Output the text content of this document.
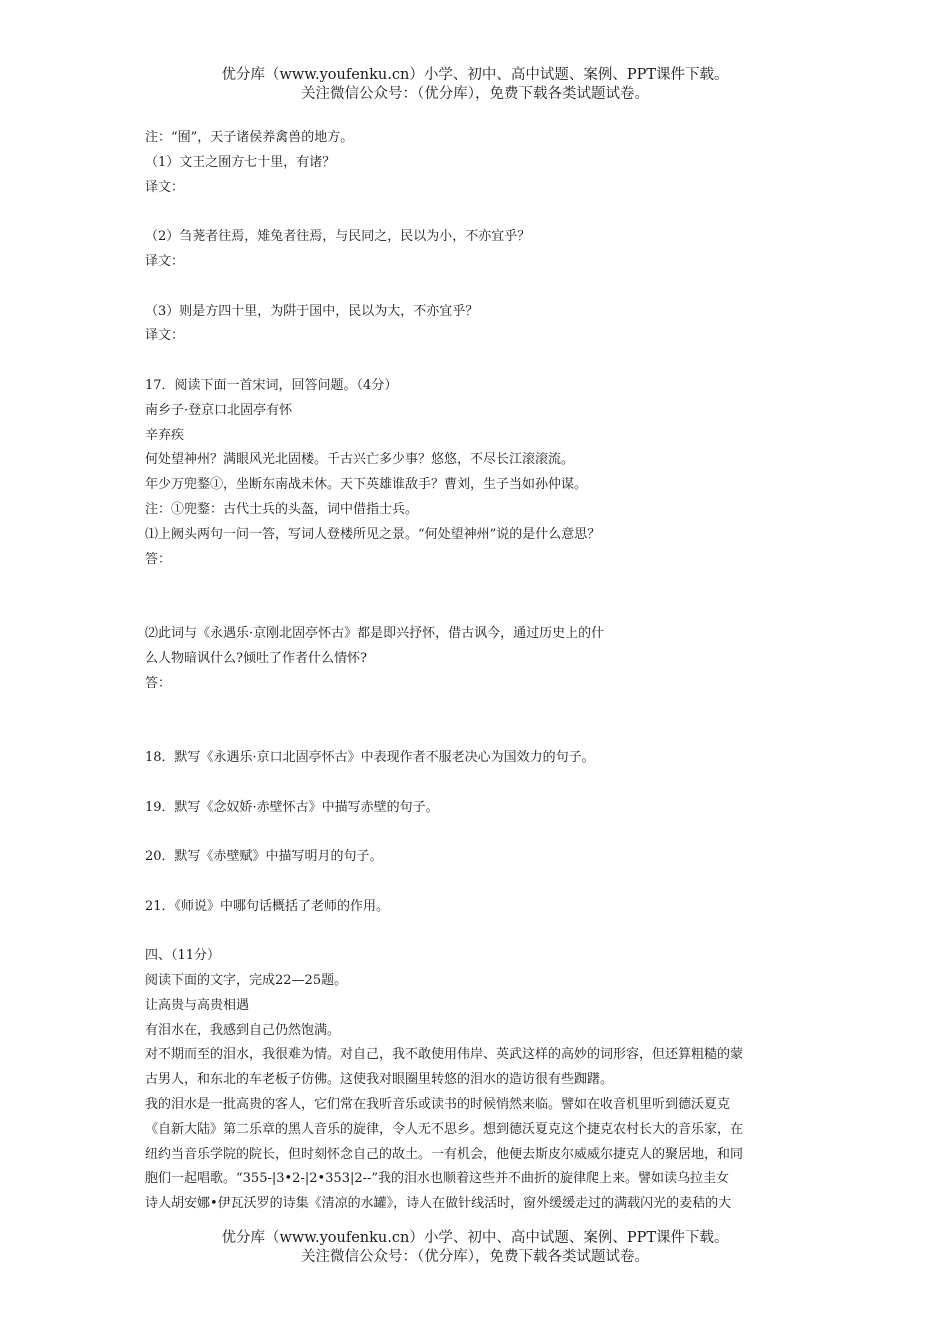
优分库（www.youfenku.cn）小学、初中、高中试题、案例、PPT课件下载。
关注微信公众号：（优分库），免费下载各类试题试卷。
注：“囿”，天子诸侯养禽兽的地方。
（1）文王之囿方七十里，有诸？
译文：
（2）刍荛者往焉，雉兔者往焉，与民同之，民以为小，不亦宜乎？
译文：
（3）则是方四十里，为阱于国中，民以为大，不亦宜乎？
译文：
17．阅读下面一首宋词，回答问题。（4分）
南乡子·登京口北固亭有怀
辛弃疾
何处望神州？满眼风光北固楼。千古兴亡多少事？悠悠，不尽长江滚滚流。
年少万兜鍪①，坐断东南战未休。天下英雄谁敌手？曹刘，生子当如孙仲谋。
注：①兜鍪：古代士兵的头盔，词中借指士兵。
⑴上阙头两句一问一答，写词人登楼所见之景。“何处望神州”说的是什么意思？
答：
⑵此词与《永遇乐·京刚北固亭怀古》都是即兴抒怀，借古讽今，通过历史上的什
么人物暗讽什么?倾吐了作者什么情怀?
答：
18．默写《永遇乐·京口北固亭怀古》中表现作者不服老决心为国效力的句子。
19．默写《念奴娇·赤壁怀古》中描写赤壁的句子。
20．默写《赤壁赋》中描写明月的句子。
21．《师说》中哪句话概括了老师的作用。
四、（11分）
阅读下面的文字，完成22—25题。
让高贵与高贵相遇
有泪水在，我感到自己仍然饱满。
对不期而至的泪水，我很难为情。对自己，我不敢使用伟岸、英武这样的高妙的词形容，但还算粗糙的蒙
古男人，和东北的车老板子仿佛。这使我对眼圈里转悠的泪水的造访很有些踟躇。
我的泪水是一批高贵的客人，它们常在我听音乐或读书的时候悄然来临。譬如在收音机里听到德沃夏克
《自新大陆》第二乐章的黑人音乐的旋律，令人无不思乡。想到德沃夏克这个捷克农村长大的音乐家，在
纽约当音乐学院的院长，但时刻怀念自己的故土。一有机会，他便去斯皮尔威威尔捷克人的聚居地，和同
胞们一起唱歌。“355-|3•2-|2•353|2--”我的泪水也顺着这些并不曲折的旋律爬上来。譬如读乌拉圭女
诗人胡安娜•伊瓦沃罗的诗集《清凉的水罐》，诗人在做针线活时，窗外缓缓走过的满载闪光的麦秸的大
优分库（www.youfenku.cn）小学、初中、高中试题、案例、PPT课件下载。
关注微信公众号：（优分库），免费下载各类试题试卷。
